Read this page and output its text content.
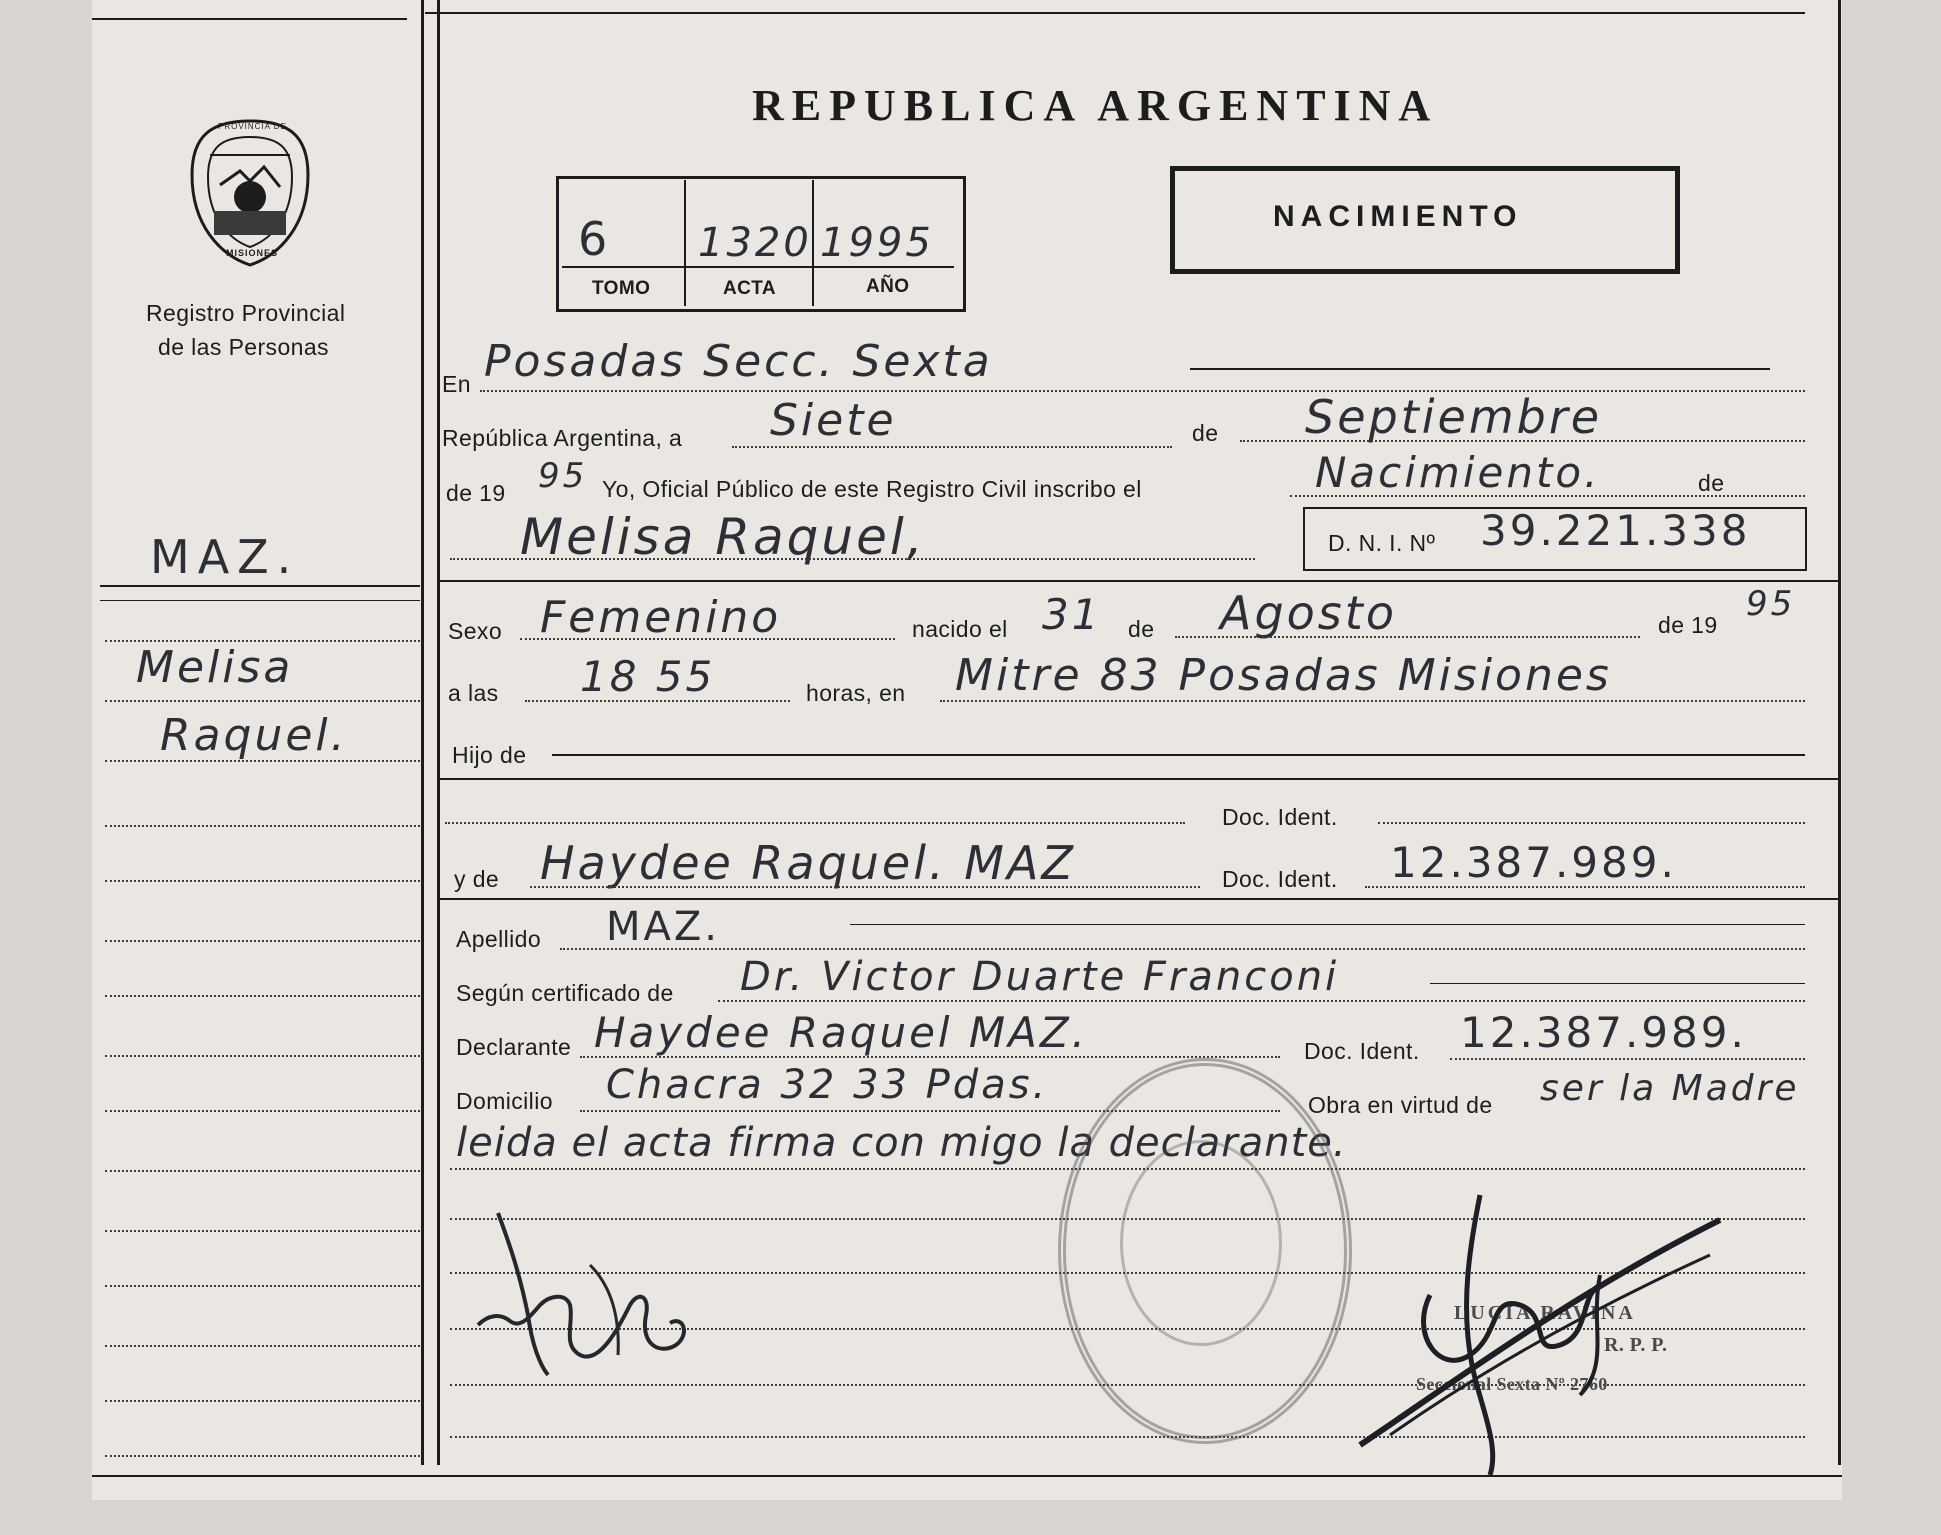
PROVINCIA DE
MISIONES
Registro Provincial
de las Personas
MAZ.
Melisa
Raquel.
REPUBLICA ARGENTINA
6 1320 1995
TOMO	ACTA	AÑO
NACIMIENTO
En Posadas Secc. Sexta
República Argentina, a Siete	de Septiembre
de 19 95 Yo, Oficial Público de este Registro Civil inscribo el	Nacimiento.	de
Melisa Raquel,	D. N. I. Nº 39.221.338
Sexo Femenino	nacido el 31 de Agosto	de 19
95
a las 18 55	horas, en Mitre 83 Posadas Misiones
Hijo de
Doc. Ident.
y de Haydee Raquel. MAZ	Doc. Ident. 12.387.989.
Apellido MAZ.
Según certificado de Dr. Victor Duarte Franconi
Declarante Haydee Raquel MAZ.	Doc. Ident. 12.387.989.
Domicilio Chacra 32 33 Pdas.	Obra en virtud de ser la Madre
leida el acta firma con migo la declarante.
LUCIA RAVINA
R. P. P.
Seccional Sexta Nº 2760
